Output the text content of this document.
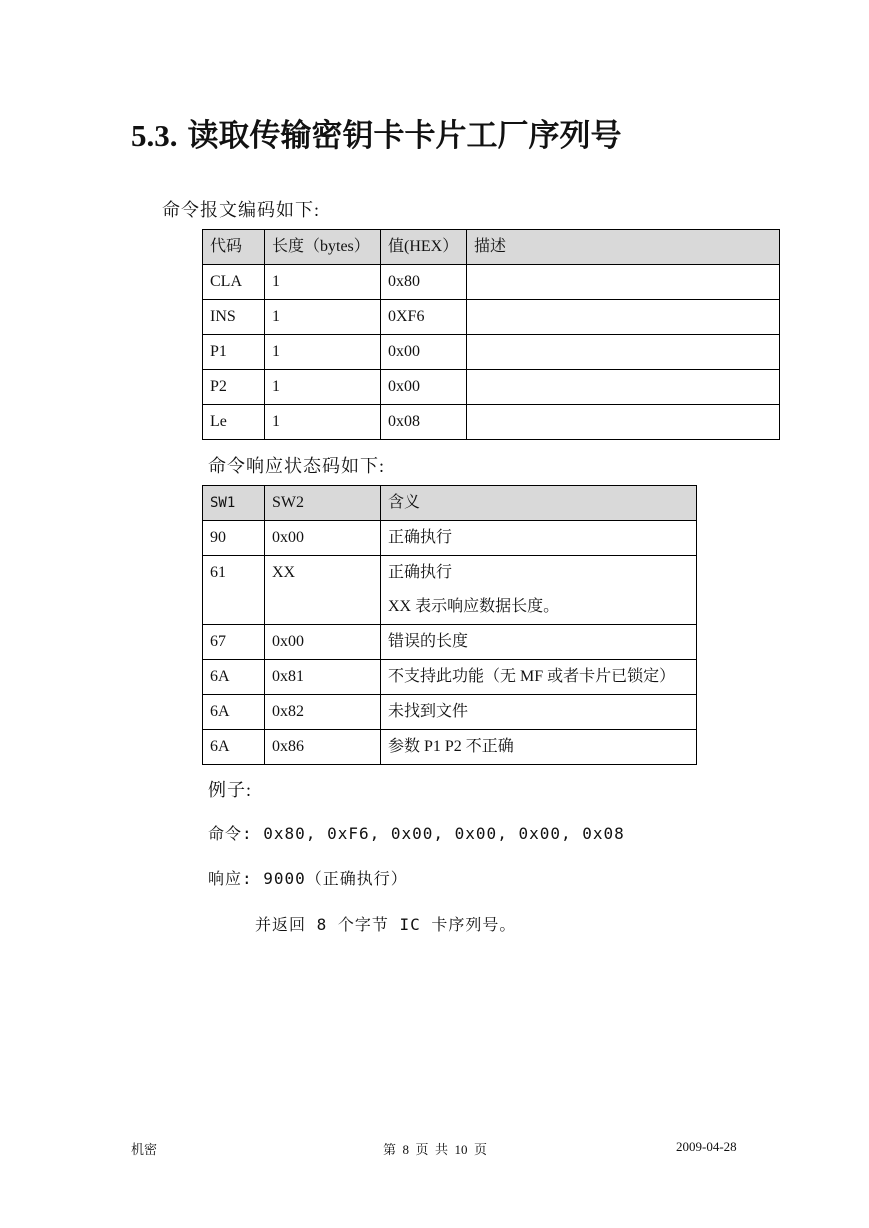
5.3. 读取传输密钥卡卡片工厂序列号
命令报文编码如下:
代码	长度（bytes）	值(HEX）	描述
CLA	1	0x80	
INS	1	0XF6	
P1	1	0x00	
P2	1	0x00	
Le	1	0x08	
命令响应状态码如下:
SW1	SW2	含义
90	0x00	正确执行
61	XX	正确执行
XX 表示响应数据长度。

67	0x00	错误的长度
6A	0x81	不支持此功能（无 MF 或者卡片已锁定）
6A	0x82	未找到文件
6A	0x86	参数 P1 P2 不正确
例子:
命令: 0x80, 0xF6, 0x00, 0x00, 0x00, 0x08
响应: 9000（正确执行）
并返回 8 个字节 IC 卡序列号。
机密	第  8  页  共  10  页	2009-04-28
